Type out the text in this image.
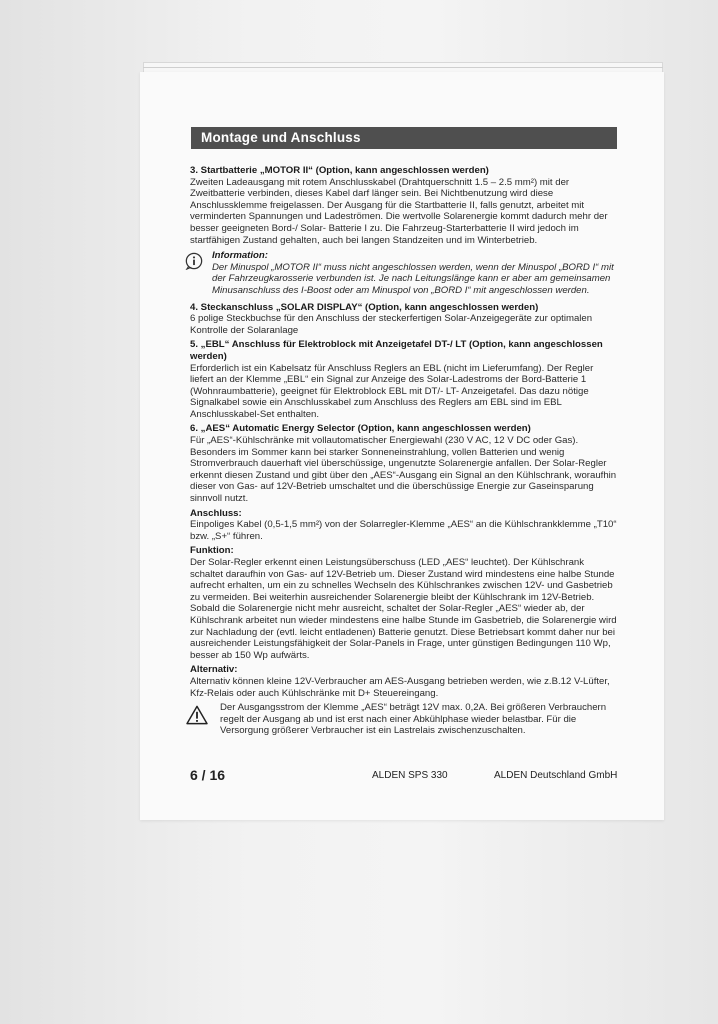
Montage und Anschluss

3. Startbatterie „MOTOR II“ (Option, kann angeschlossen werden)

Zweiten Ladeausgang mit rotem Anschlusskabel (Drahtquerschnitt 1.5 – 2.5 mm²) mit der Zweitbatterie verbinden, dieses Kabel darf länger sein. Bei Nichtbenutzung wird diese Anschlussklemme freigelassen. Der Ausgang für die Startbatterie II, falls genutzt, arbeitet mit verminderten Spannungen und Ladeströmen. Die wertvolle Solarenergie kommt dadurch mehr der besser geeigneten Bord-/ Solar- Batterie I zu. Die Fahrzeug-Starterbatterie II wird jedoch im startfähigen Zustand gehalten, auch bei langen Standzeiten und im Winterbetrieb.

Information:

Der Minuspol „MOTOR II“ muss nicht angeschlossen werden, wenn der Minuspol „BORD I“ mit der Fahrzeugkarosserie verbunden ist. Je nach Leitungslänge kann er aber am gemeinsamen Minusanschluss des I-Boost oder am Minuspol von „BORD I“ mit angeschlossen werden.

4. Steckanschluss „SOLAR DISPLAY“ (Option, kann angeschlossen werden)

6 polige Steckbuchse für den Anschluss der steckerfertigen Solar-Anzeigegeräte zur optimalen Kontrolle der Solaranlage

5. „EBL“ Anschluss für Elektroblock mit Anzeigetafel DT-/ LT (Option, kann angeschlossen werden)

Erforderlich ist ein Kabelsatz für Anschluss Reglers an EBL (nicht im Lieferumfang). Der Regler liefert an der Klemme „EBL“ ein Signal zur Anzeige des Solar-Ladestroms der Bord-Batterie 1 (Wohnraumbatterie), geeignet für Elektroblock EBL mit DT/- LT- Anzeigetafel. Das dazu nötige Signalkabel sowie ein Anschlusskabel zum Anschluss des Reglers am EBL sind im EBL Anschlusskabel-Set enthalten.

6. „AES“ Automatic Energy Selector (Option, kann angeschlossen werden)

Für „AES“-Kühlschränke mit vollautomatischer Energiewahl (230 V AC, 12 V DC oder Gas). Besonders im Sommer kann bei starker Sonneneinstrahlung, vollen Batterien und wenig Stromverbrauch dauerhaft viel überschüssige, ungenutzte Solarenergie anfallen. Der Solar-Regler erkennt diesen Zustand und gibt über den „AES“-Ausgang ein Signal an den Kühlschrank, woraufhin dieser von Gas- auf 12V-Betrieb umschaltet und die überschüssige Energie zur Gaseinsparung sinnvoll nutzt.

Anschluss:

Einpoliges Kabel (0,5-1,5 mm²) von der Solarregler-Klemme „AES“ an die Kühlschrankklemme „T10“ bzw. „S+“ führen.

Funktion:

Der Solar-Regler erkennt einen Leistungsüberschuss (LED „AES“ leuchtet). Der Kühlschrank schaltet daraufhin von Gas- auf 12V-Betrieb um. Dieser Zustand wird mindestens eine halbe Stunde aufrecht erhalten, um ein zu schnelles Wechseln des Kühlschrankes zwischen 12V- und Gasbetrieb zu vermeiden. Bei weiterhin ausreichender Solarenergie bleibt der Kühlschrank im 12V-Betrieb. Sobald die Solarenergie nicht mehr ausreicht, schaltet der Solar-Regler „AES“ wieder ab, der Kühlschrank arbeitet nun wieder mindestens eine halbe Stunde im Gasbetrieb, die Solarenergie wird zur Nachladung der (evtl. leicht entladenen) Batterie genutzt. Diese Betriebsart kommt daher nur bei ausreichender Leistungsfähigkeit der Solar-Panels in Frage, unter günstigen Bedingungen 110 Wp, besser ab 150 Wp aufwärts.

Alternativ:

Alternativ können kleine 12V-Verbraucher am AES-Ausgang betrieben werden, wie z.B.12 V-Lüfter, Kfz-Relais oder auch Kühlschränke mit D+ Steuereingang.

Der Ausgangsstrom der Klemme „AES“ beträgt 12V max. 0,2A. Bei größeren Verbrauchern regelt der Ausgang ab und ist erst nach einer Abkühlphase wieder belastbar. Für die Versorgung größerer Verbraucher ist ein Lastrelais zwischenzuschalten.

6 / 16	ALDEN SPS 330	ALDEN Deutschland GmbH
